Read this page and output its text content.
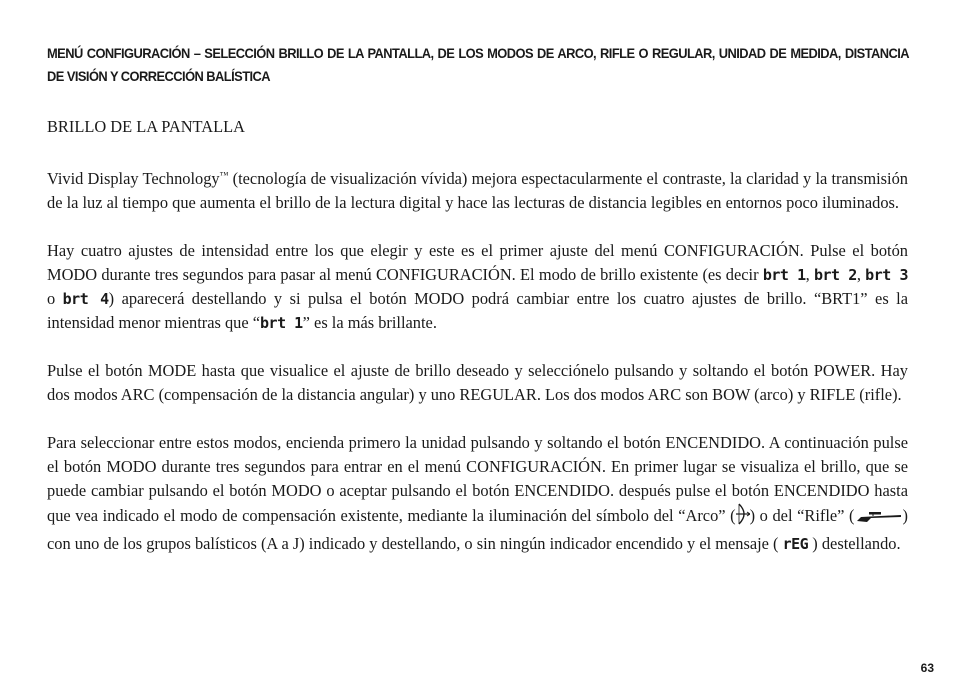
MENÚ CONFIGURACIÓN – SELECCIÓN BRILLO DE LA PANTALLA, DE LOS MODOS DE ARCO, RIFLE O REGULAR, UNIDAD DE MEDIDA, DISTANCIA DE VISIÓN Y CORRECCIÓN BALÍSTICA

BRILLO DE LA PANTALLA

Vivid Display Technology™ (tecnología de visualización vívida) mejora espectacularmente el contraste, la claridad y la transmisión de la luz al tiempo que aumenta el brillo de la lectura digital y hace las lecturas de distancia legibles en entornos poco iluminados.

Hay cuatro ajustes de intensidad entre los que elegir y este es el primer ajuste del menú CONFIGURACIÓN. Pulse el botón MODO durante tres segundos para pasar al menú CONFIGURACIÓN. El modo de brillo existente (es decir brt 1, brt 2, brt 3 o brt 4) aparecerá destellando y si pulsa el botón MODO podrá cambiar entre los cuatro ajustes de brillo. “BRT1” es la intensidad menor mientras que “brt 1” es la más brillante.

Pulse el botón MODE hasta que visualice el ajuste de brillo deseado y selecciónelo pulsando y soltando el botón POWER. Hay dos modos ARC (compensación de la distancia angular) y uno REGULAR. Los dos modos ARC son BOW (arco) y RIFLE (rifle).

Para seleccionar entre estos modos, encienda primero la unidad pulsando y soltando el botón ENCENDIDO. A continuación pulse el botón MODO durante tres segundos para entrar en el menú CONFIGURACIÓN. En primer lugar se visualiza el brillo, que se puede cambiar pulsando el botón MODO o aceptar pulsando el botón ENCENDIDO. después pulse el botón ENCENDIDO hasta que vea indicado el modo de compensación existente, mediante la iluminación del símbolo del “Arco” ( ) o del “Rifle” (	) con uno de los grupos balísticos (A a J) indicado y destellando, o sin ningún indicador encendido y el mensaje ( rEG ) destellando.

63
